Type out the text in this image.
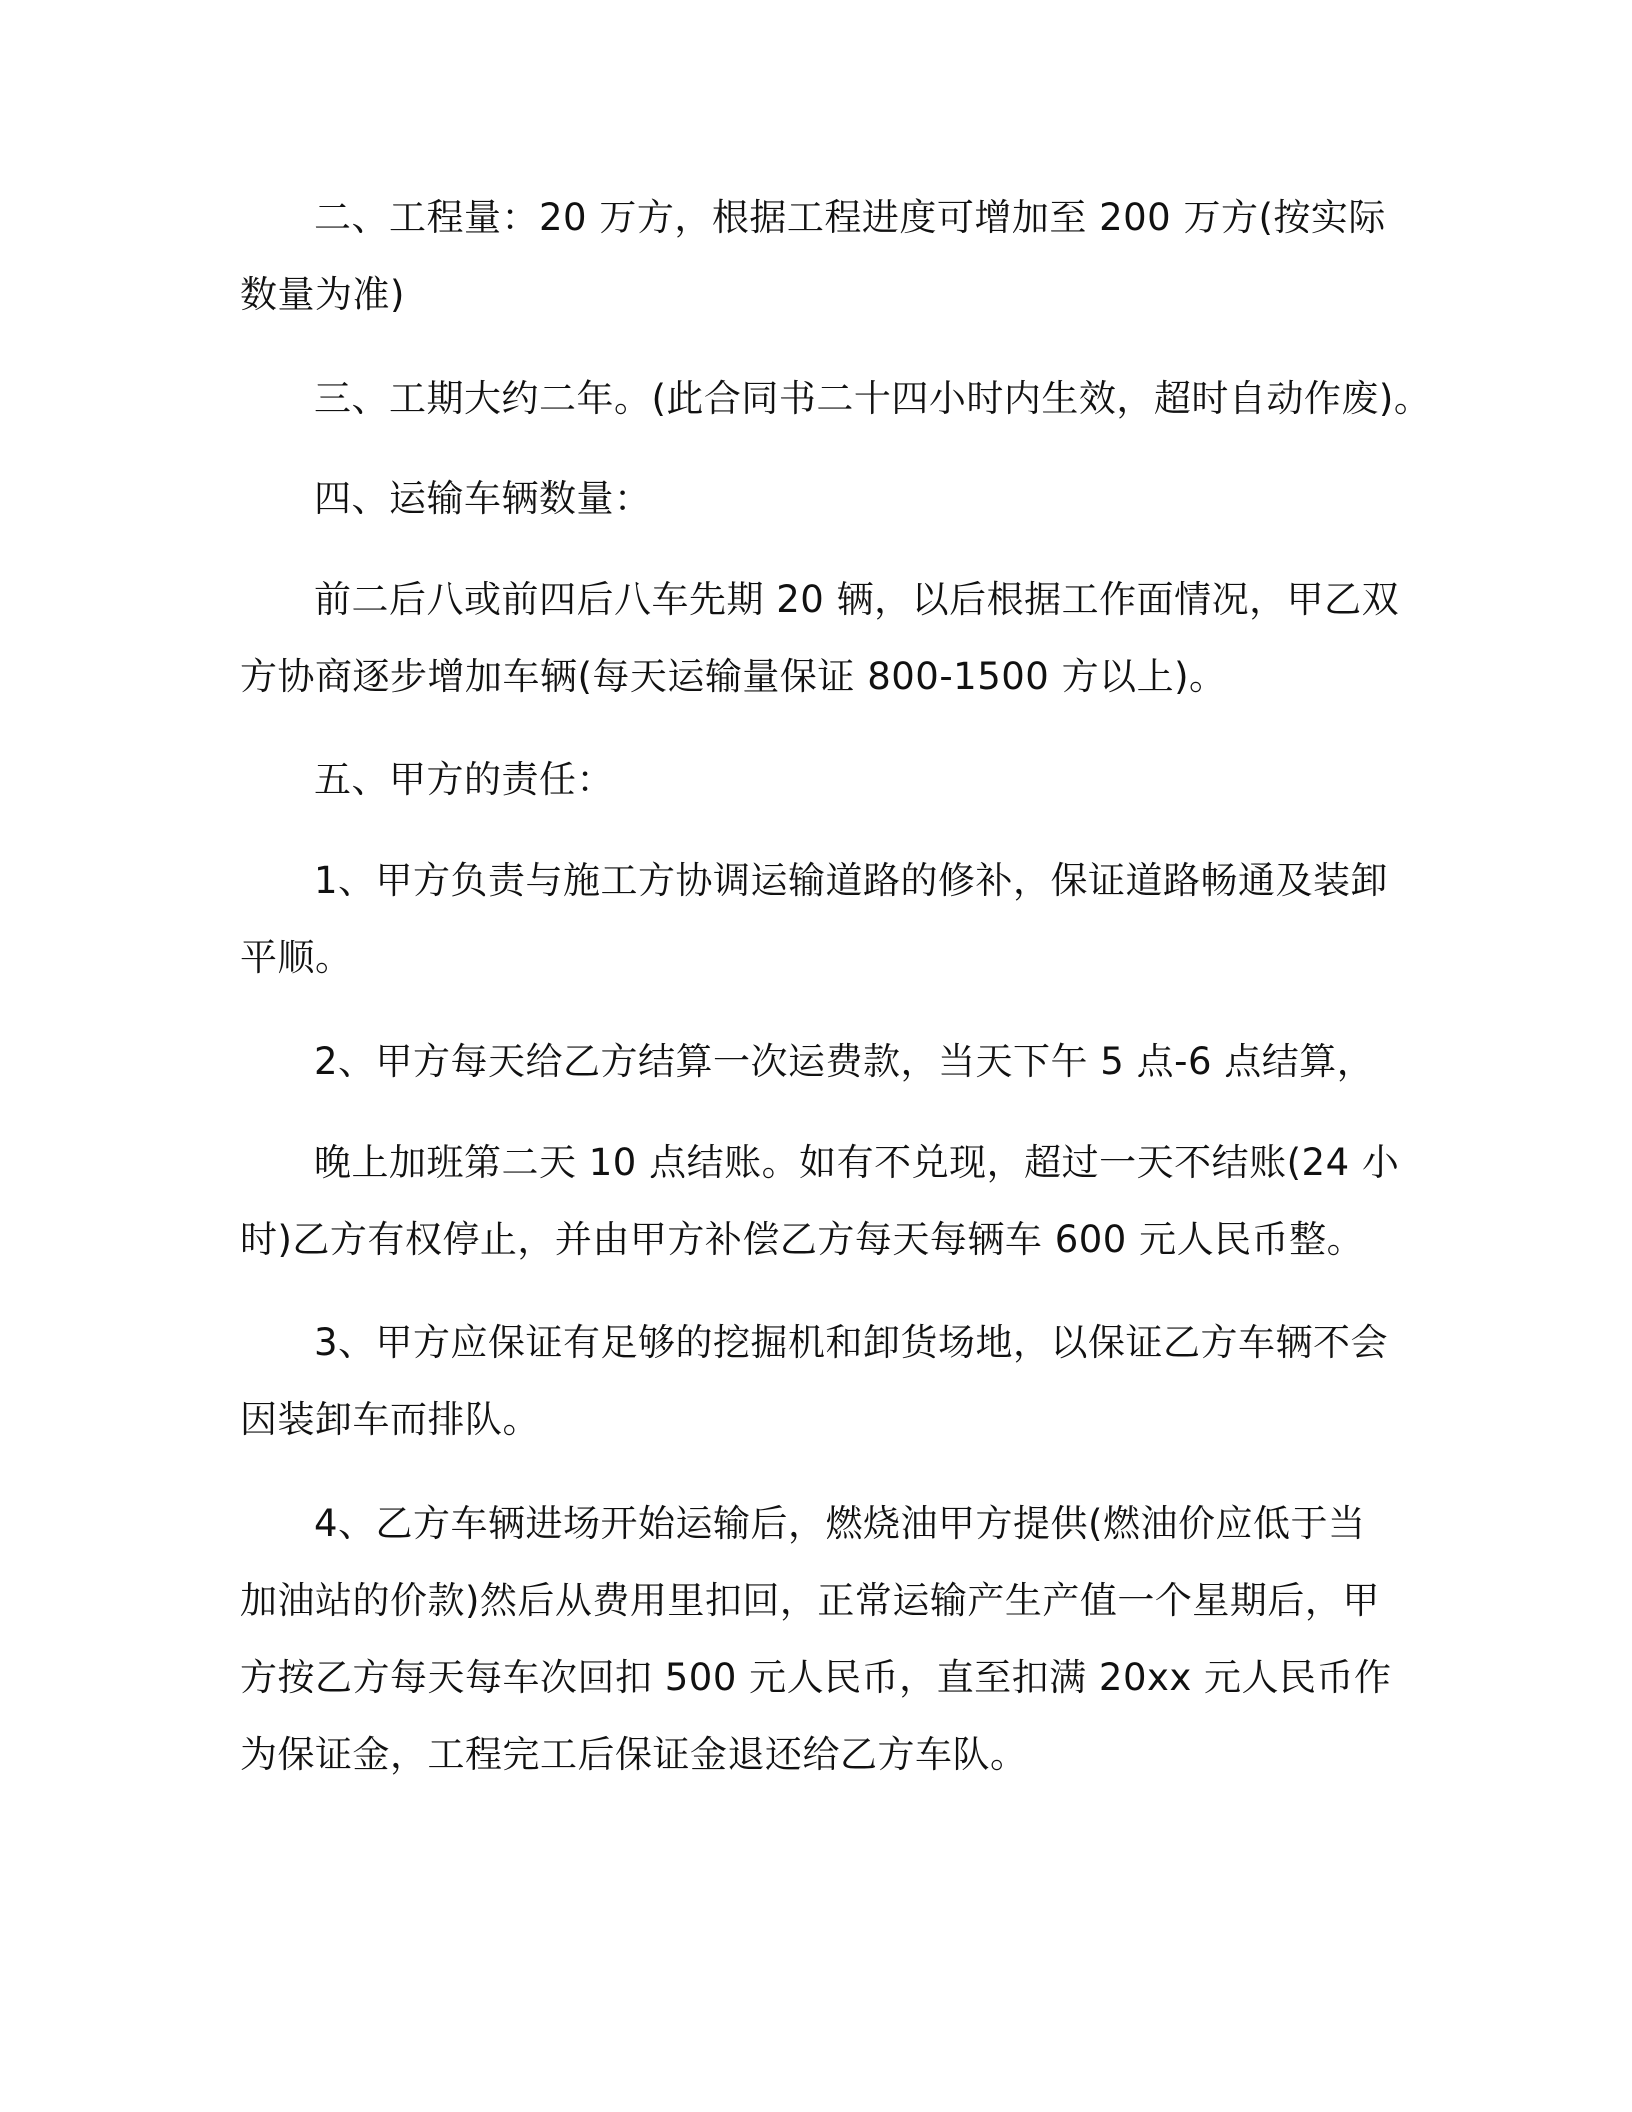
二、工程量：20 万方，根据工程进度可增加至 200 万方(按实际
数量为准)
三、工期大约二年。(此合同书二十四小时内生效，超时自动作废)。
四、运输车辆数量：
前二后八或前四后八车先期 20 辆，以后根据工作面情况，甲乙双
方协商逐步增加车辆(每天运输量保证 800-1500 方以上)。
五、甲方的责任：
1、甲方负责与施工方协调运输道路的修补，保证道路畅通及装卸
平顺。
2、甲方每天给乙方结算一次运费款，当天下午 5 点-6 点结算，
晚上加班第二天 10 点结账。如有不兑现，超过一天不结账(24 小
时)乙方有权停止，并由甲方补偿乙方每天每辆车 600 元人民币整。
3、甲方应保证有足够的挖掘机和卸货场地，以保证乙方车辆不会
因装卸车而排队。
4、乙方车辆进场开始运输后，燃烧油甲方提供(燃油价应低于当
加油站的价款)然后从费用里扣回，正常运输产生产值一个星期后，甲
方按乙方每天每车次回扣 500 元人民币，直至扣满 20xx 元人民币作
为保证金，工程完工后保证金退还给乙方车队。
